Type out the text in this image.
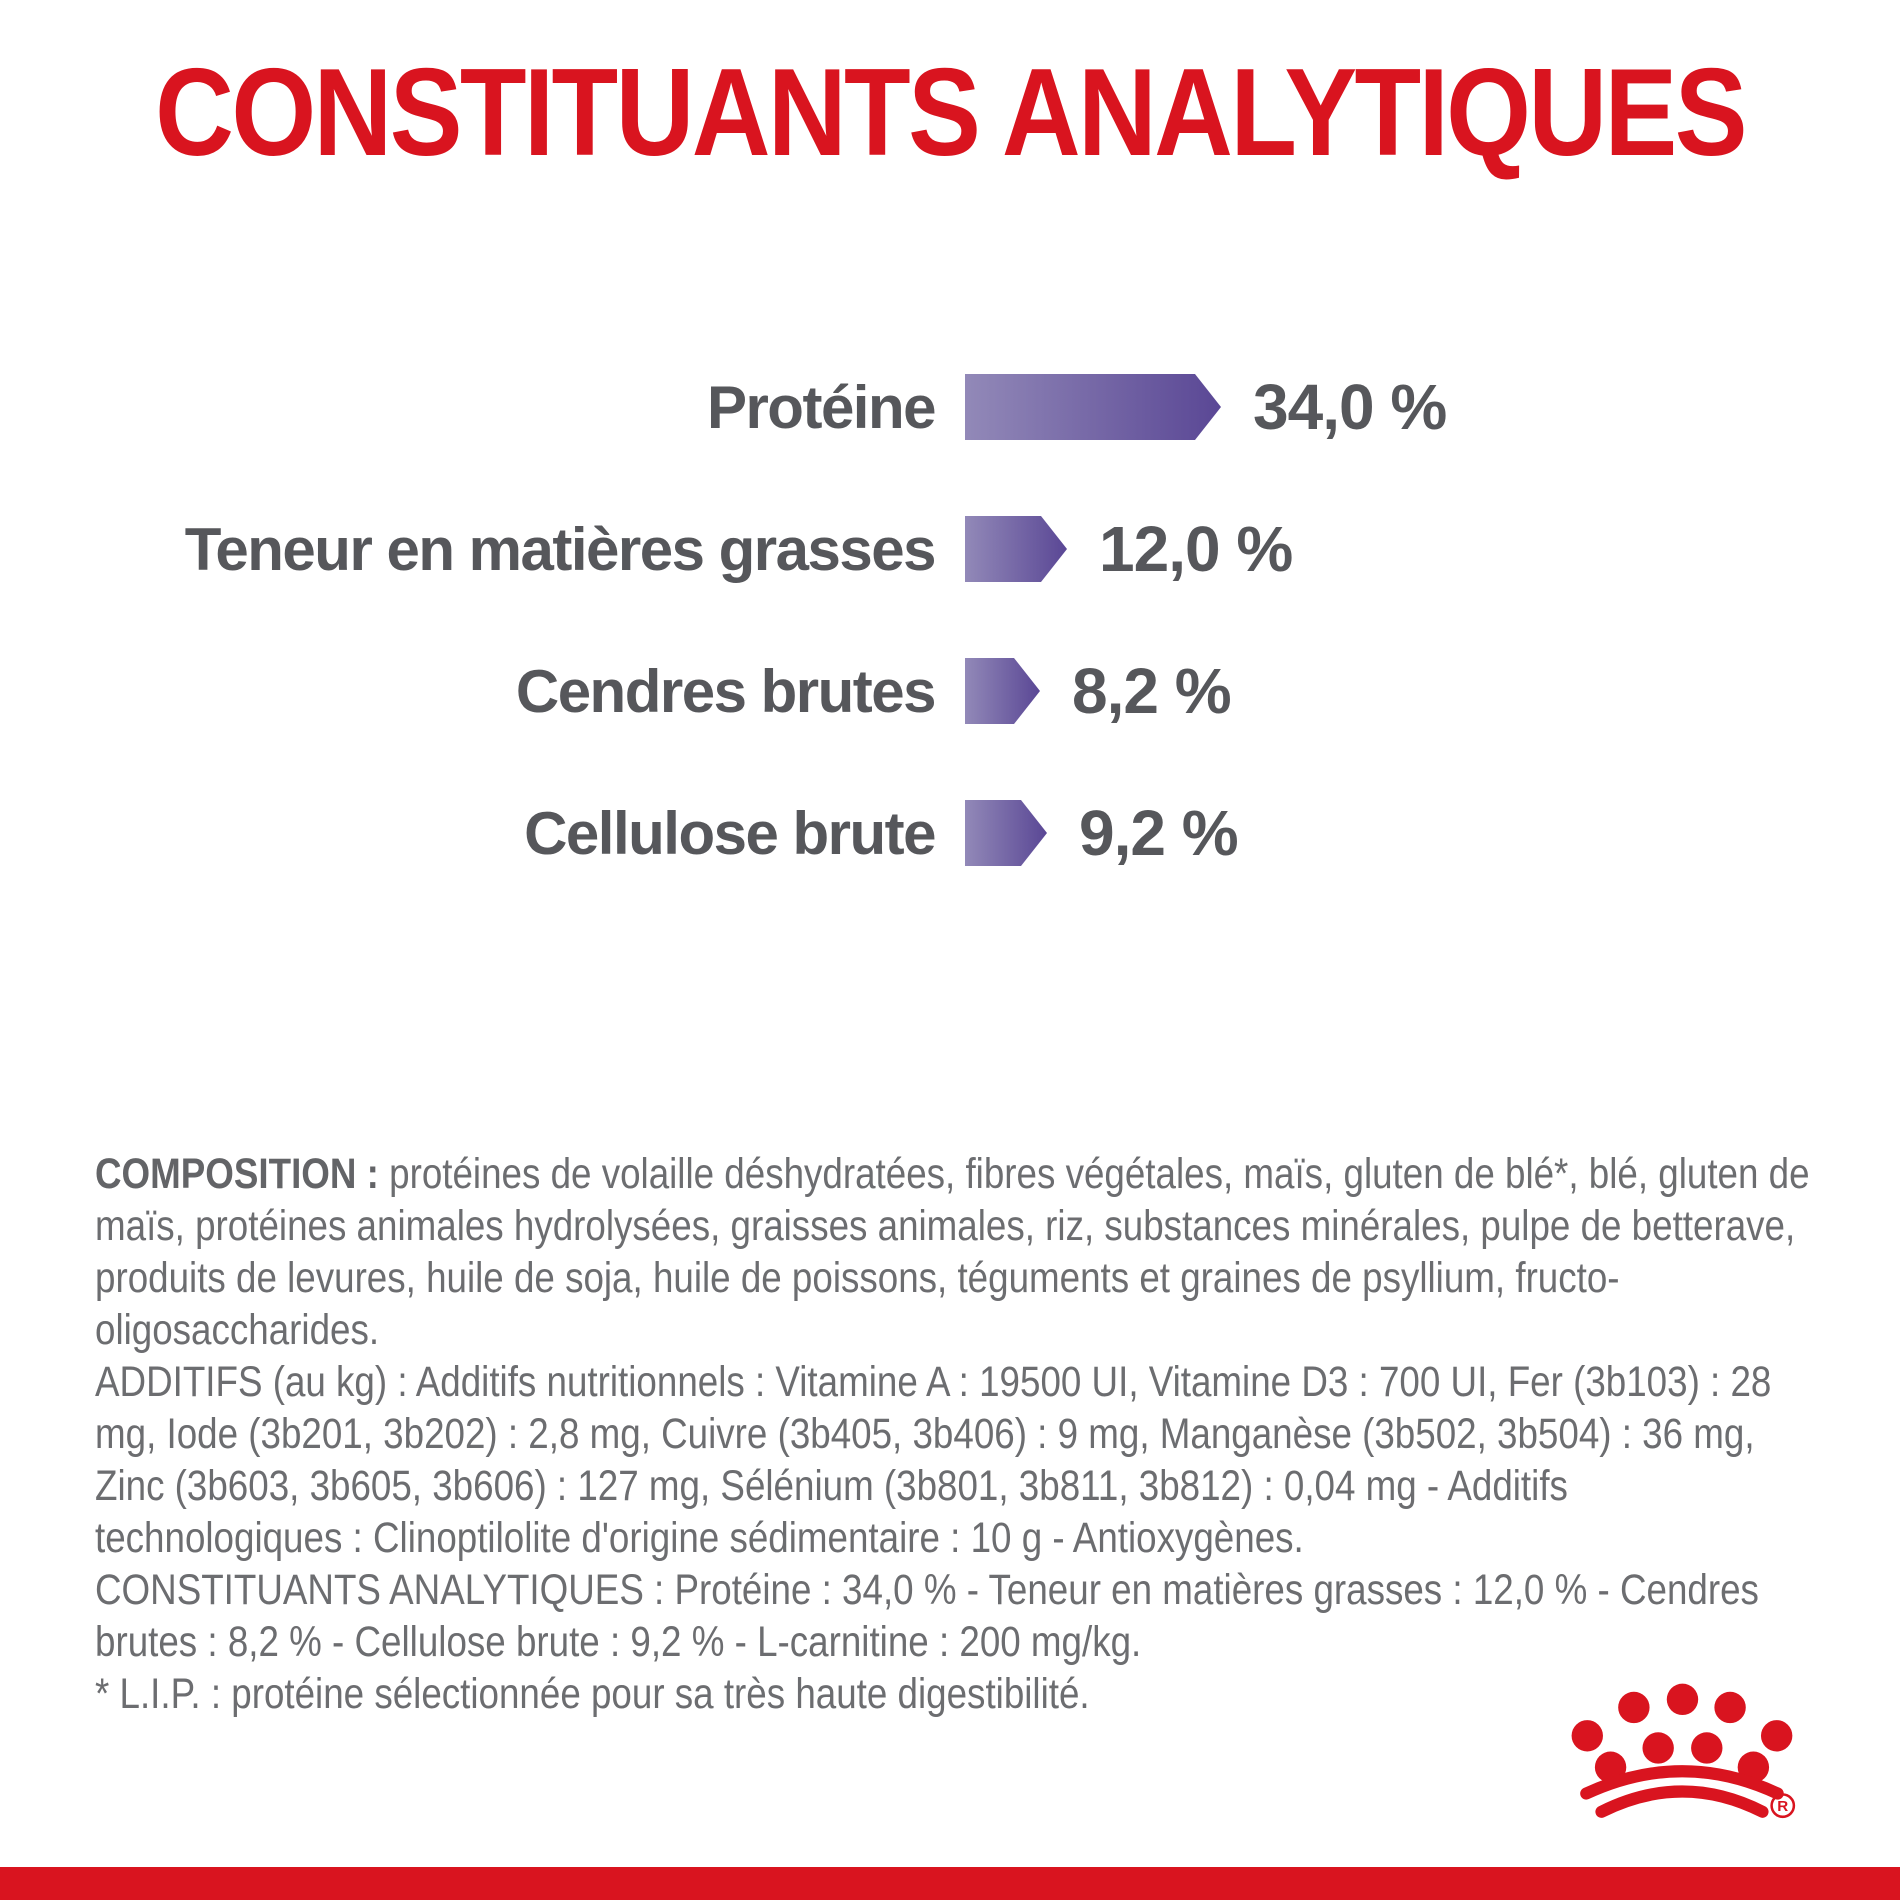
CONSTITUANTS ANALYTIQUES
Protéine	34,0 %
Teneur en matières grasses	12,0 %
Cendres brutes	8,2 %
Cellulose brute	9,2 %

COMPOSITION : protéines de volaille déshydratées, fibres végétales, maïs, gluten de blé*, blé, gluten de maïs, protéines animales hydrolysées, graisses animales, riz, substances minérales, pulpe de betterave, produits de levures, huile de soja, huile de poissons, téguments et graines de psyllium, fructo-oligosaccharides.

ADDITIFS (au kg) : Additifs nutritionnels : Vitamine A : 19500 UI, Vitamine D3 : 700 UI, Fer (3b103) : 28 mg, Iode (3b201, 3b202) : 2,8 mg, Cuivre (3b405, 3b406) : 9 mg, Manganèse (3b502, 3b504) : 36 mg, Zinc (3b603, 3b605, 3b606) : 127 mg, Sélénium (3b801, 3b811, 3b812) : 0,04 mg - Additifs technologiques : Clinoptilolite d'origine sédimentaire : 10 g - Antioxygènes.

CONSTITUANTS ANALYTIQUES : Protéine : 34,0 % - Teneur en matières grasses : 12,0 % - Cendres brutes : 8,2 % - Cellulose brute : 9,2 % - L-carnitine : 200 mg/kg.

* L.I.P. : protéine sélectionnée pour sa très haute digestibilité.

R
